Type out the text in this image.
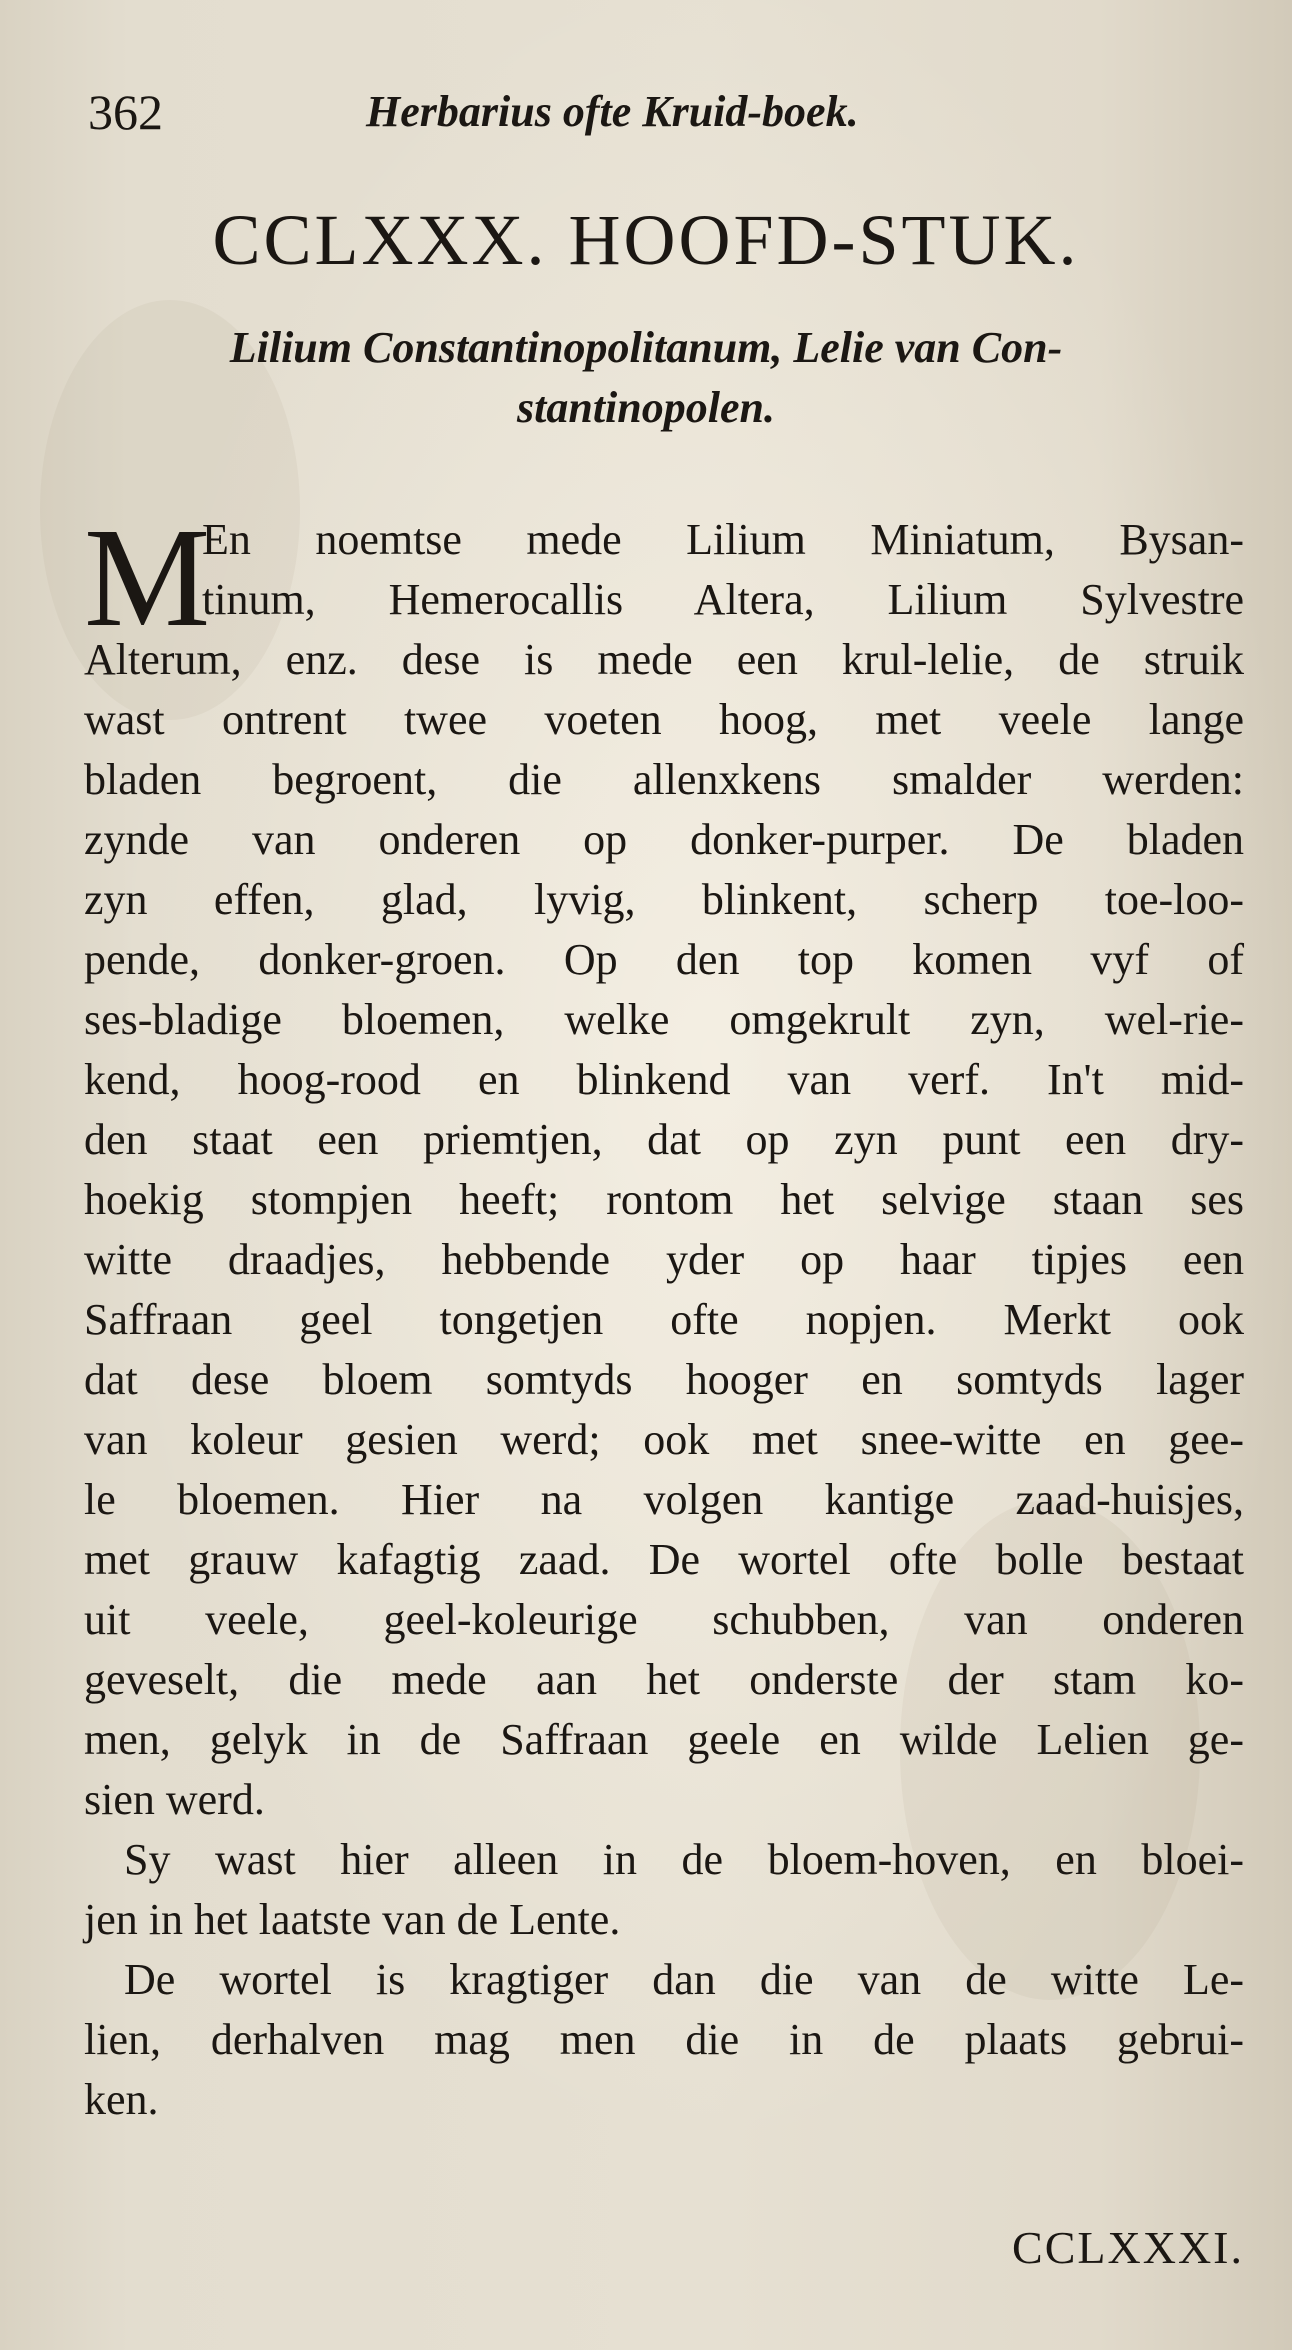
362	Herbarius ofte Kruid-boek.
CCLXXX. HOOFD-STUK.
Lilium Constantinopolitanum, Lelie van Con-
stantinopolen.
M
En noemtse mede Lilium Miniatum, Bysan-
tinum, Hemerocallis Altera, Lilium Sylvestre
Alterum, enz. dese is mede een krul-lelie, de struik
wast ontrent twee voeten hoog, met veele lange
bladen begroent, die allenxkens smalder werden:
zynde van onderen op donker-purper. De bladen
zyn effen, glad, lyvig, blinkent, scherp toe-loo-
pende, donker-groen. Op den top komen vyf of
ses-bladige bloemen, welke omgekrult zyn, wel-rie-
kend, hoog-rood en blinkend van verf. In't mid-
den staat een priemtjen, dat op zyn punt een dry-
hoekig stompjen heeft; rontom het selvige staan ses
witte draadjes, hebbende yder op haar tipjes een
Saffraan geel tongetjen ofte nopjen. Merkt ook
dat dese bloem somtyds hooger en somtyds lager
van koleur gesien werd; ook met snee-witte en gee-
le bloemen. Hier na volgen kantige zaad-huisjes,
met grauw kafagtig zaad. De wortel ofte bolle bestaat
uit veele, geel-koleurige schubben, van onderen
geveselt, die mede aan het onderste der stam ko-
men, gelyk in de Saffraan geele en wilde Lelien ge-
sien werd.
Sy wast hier alleen in de bloem-hoven, en bloei-
jen in het laatste van de Lente.
De wortel is kragtiger dan die van de witte Le-
lien, derhalven mag men die in de plaats gebrui-
ken.
CCLXXXI.
